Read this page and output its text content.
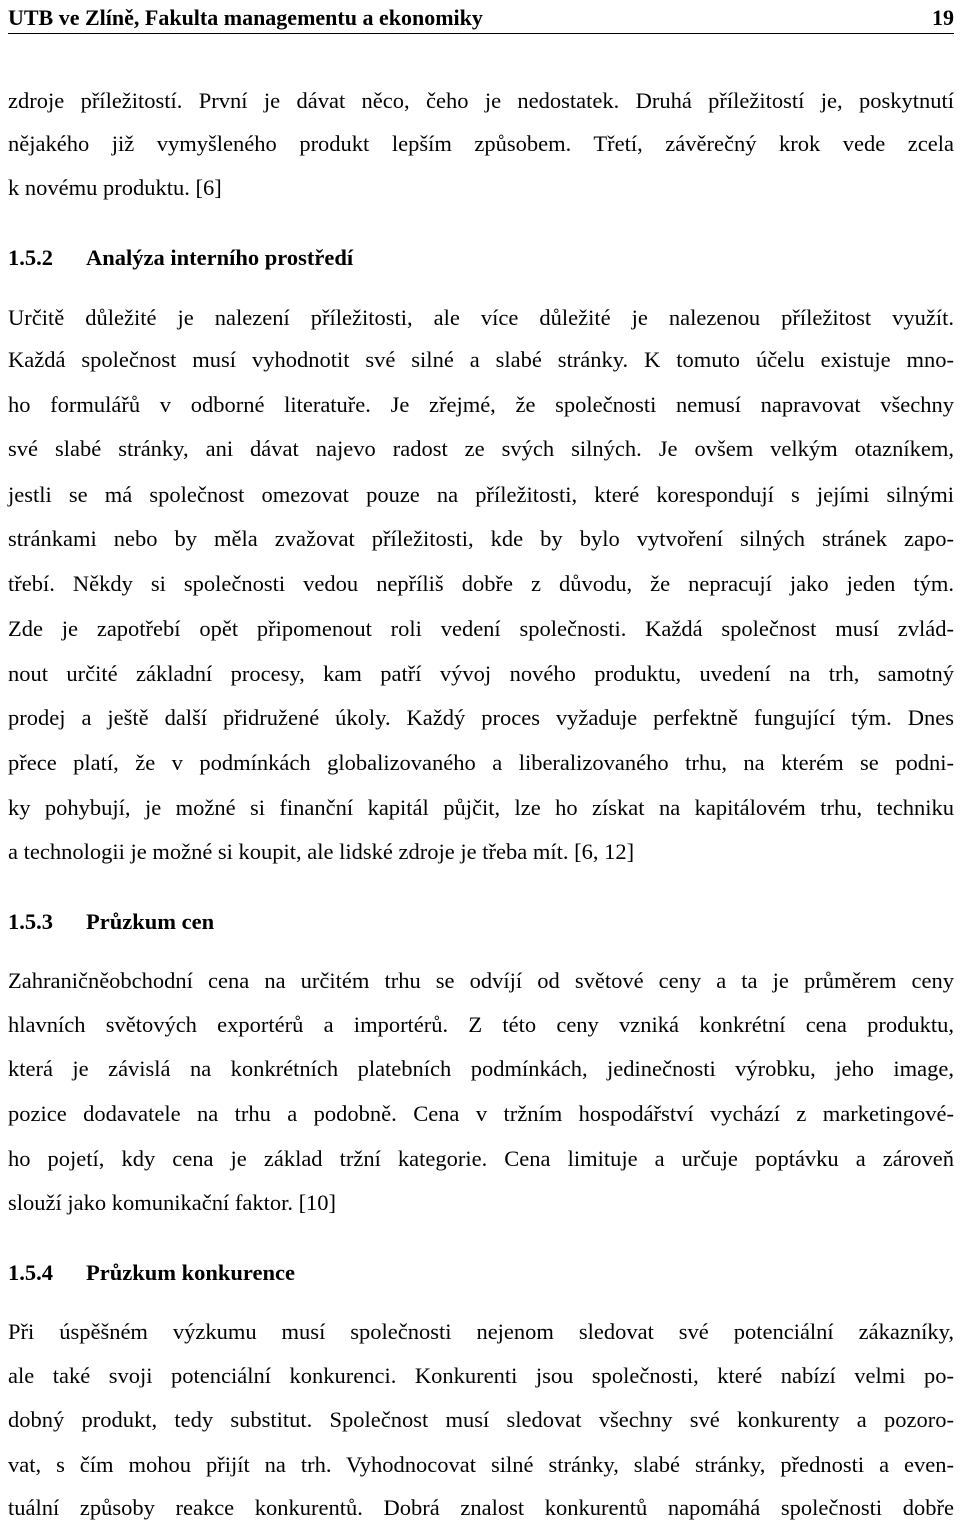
UTB ve Zlíně, Fakulta managementu a ekonomiky	19
zdroje příležitostí. První je dávat něco, čeho je nedostatek. Druhá příležitostí je, poskytnutí
nějakého již vymyšleného produkt lepším způsobem. Třetí, závěrečný krok vede zcela
k novému produktu. [6]
1.5.2 Analýza interního prostředí
Určitě důležité je nalezení příležitosti, ale více důležité je nalezenou příležitost využít.
Každá společnost musí vyhodnotit své silné a slabé stránky. K tomuto účelu existuje mno-
ho formulářů v odborné literatuře. Je zřejmé, že společnosti nemusí napravovat všechny
své slabé stránky, ani dávat najevo radost ze svých silných. Je ovšem velkým otazníkem,
jestli se má společnost omezovat pouze na příležitosti, které korespondují s jejími silnými
stránkami nebo by měla zvažovat příležitosti, kde by bylo vytvoření silných stránek zapo-
třebí. Někdy si společnosti vedou nepříliš dobře z důvodu, že nepracují jako jeden tým.
Zde je zapotřebí opět připomenout roli vedení společnosti. Každá společnost musí zvlád-
nout určité základní procesy, kam patří vývoj nového produktu, uvedení na trh, samotný
prodej a ještě další přidružené úkoly. Každý proces vyžaduje perfektně fungující tým. Dnes
přece platí, že v podmínkách globalizovaného a liberalizovaného trhu, na kterém se podni-
ky pohybují, je možné si finanční kapitál půjčit, lze ho získat na kapitálovém trhu, techniku
a technologii je možné si koupit, ale lidské zdroje je třeba mít. [6, 12]
1.5.3 Průzkum cen
Zahraničněobchodní cena na určitém trhu se odvíjí od světové ceny a ta je průměrem ceny
hlavních světových exportérů a importérů. Z této ceny vzniká konkrétní cena produktu,
která je závislá na konkrétních platebních podmínkách, jedinečnosti výrobku, jeho image,
pozice dodavatele na trhu a podobně. Cena v tržním hospodářství vychází z marketingové-
ho pojetí, kdy cena je základ tržní kategorie. Cena limituje a určuje poptávku a zároveň
slouží jako komunikační faktor. [10]
1.5.4 Průzkum konkurence
Při úspěšném výzkumu musí společnosti nejenom sledovat své potenciální zákazníky,
ale také svoji potenciální konkurenci. Konkurenti jsou společnosti, které nabízí velmi po-
dobný produkt, tedy substitut. Společnost musí sledovat všechny své konkurenty a pozoro-
vat, s čím mohou přijít na trh. Vyhodnocovat silné stránky, slabé stránky, přednosti a even-
tuální způsoby reakce konkurentů. Dobrá znalost konkurentů napomáhá společnosti dobře
